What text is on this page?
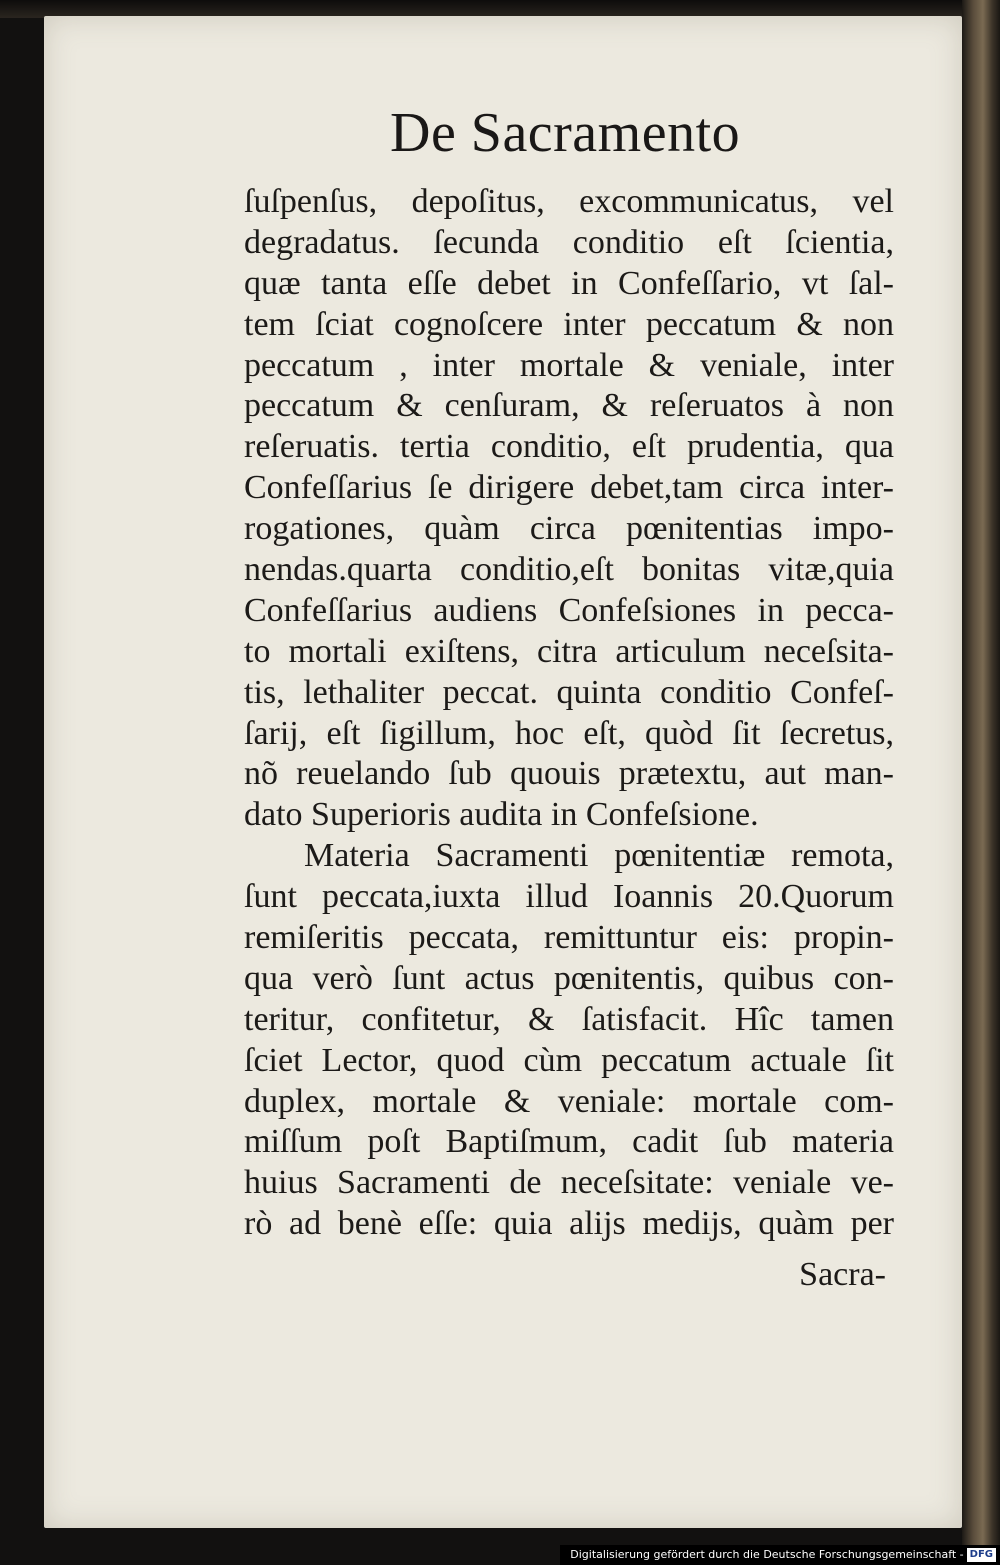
De Sacramento
ſuſpenſus, depoſitus, excommunicatus, vel
degradatus. ſecunda conditio eſt ſcientia,
quæ tanta eſſe debet in Confeſſario, vt ſal-
tem ſciat cognoſcere inter peccatum & non
peccatum , inter mortale & veniale, inter
peccatum & cenſuram, & reſeruatos à non
reſeruatis. tertia conditio, eſt prudentia, qua
Confeſſarius ſe dirigere debet,tam circa inter-
rogationes, quàm circa pœnitentias impo-
nendas.quarta conditio,eſt bonitas vitæ,quia
Confeſſarius audiens Confeſsiones in pecca-
to mortali exiſtens, citra articulum neceſsita-
tis, lethaliter peccat. quinta conditio Confeſ-
ſarij, eſt ſigillum, hoc eſt, quòd ſit ſecretus,
nõ reuelando ſub quouis prætextu, aut man-
dato Superioris audita in Confeſsione.
Materia Sacramenti pœnitentiæ remota,
ſunt peccata,iuxta illud Ioannis 20.Quorum
remiſeritis peccata, remittuntur eis: propin-
qua verò ſunt actus pœnitentis, quibus con-
teritur, confitetur, & ſatisfacit. Hîc tamen
ſciet Lector, quod cùm peccatum actuale ſit
duplex, mortale & veniale: mortale com-
miſſum poſt Baptiſmum, cadit ſub materia
huius Sacramenti de neceſsitate: veniale ve-
rò ad benè eſſe: quia alijs medijs, quàm per
Sacra-
Digitalisierung gefördert durch die Deutsche Forschungsgemeinschaft - DFG
